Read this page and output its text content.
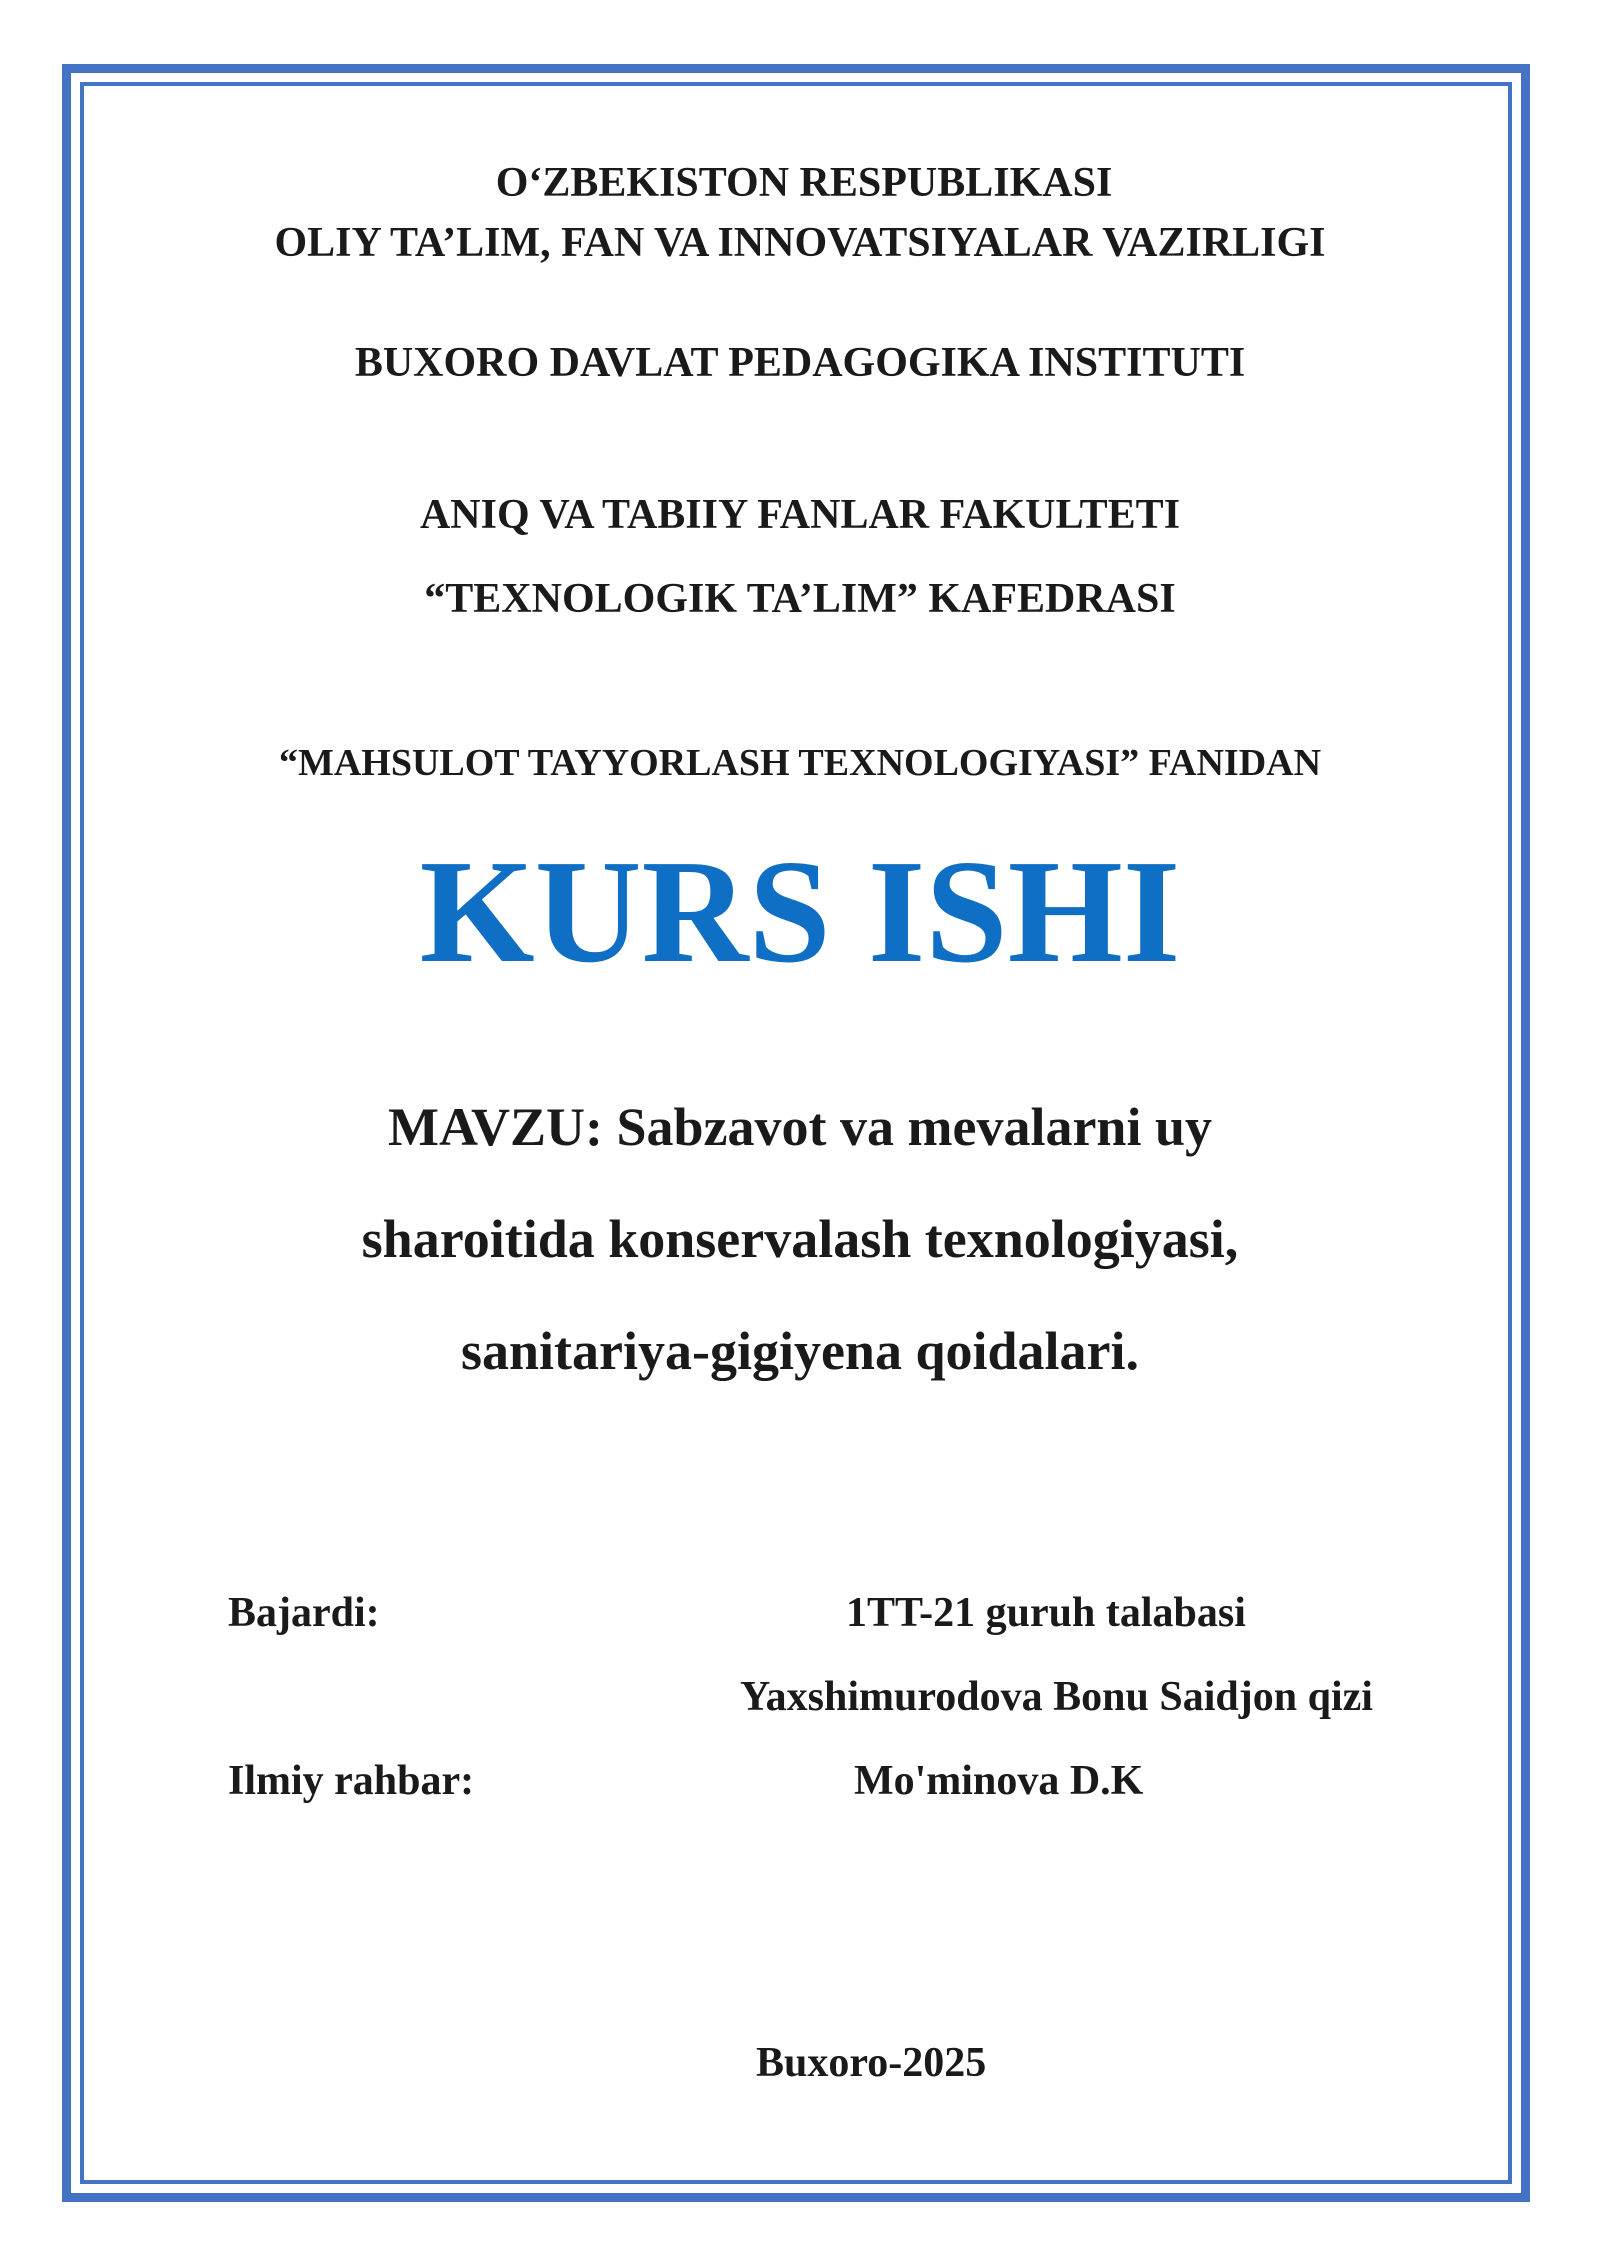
O‘ZBEKISTON RESPUBLIKASI
OLIY TA’LIM, FAN VA INNOVATSIYALAR VAZIRLIGI
BUXORO DAVLAT PEDAGOGIKA INSTITUTI
ANIQ VA TABIIY FANLAR FAKULTETI
“TEXNOLOGIK TA’LIM” KAFEDRASI
“MAHSULOT TAYYORLASH TEXNOLOGIYASI” FANIDAN
KURS ISHI
MAVZU: Sabzavot va mevalarni uy
sharoitida konservalash texnologiyasi,
sanitariya-gigiyena qoidalari.
Bajardi:	1TT-21 guruh talabasi
Yaxshimurodova Bonu Saidjon qizi
Ilmiy rahbar:	Mo'minova D.K
Buxoro-2025
